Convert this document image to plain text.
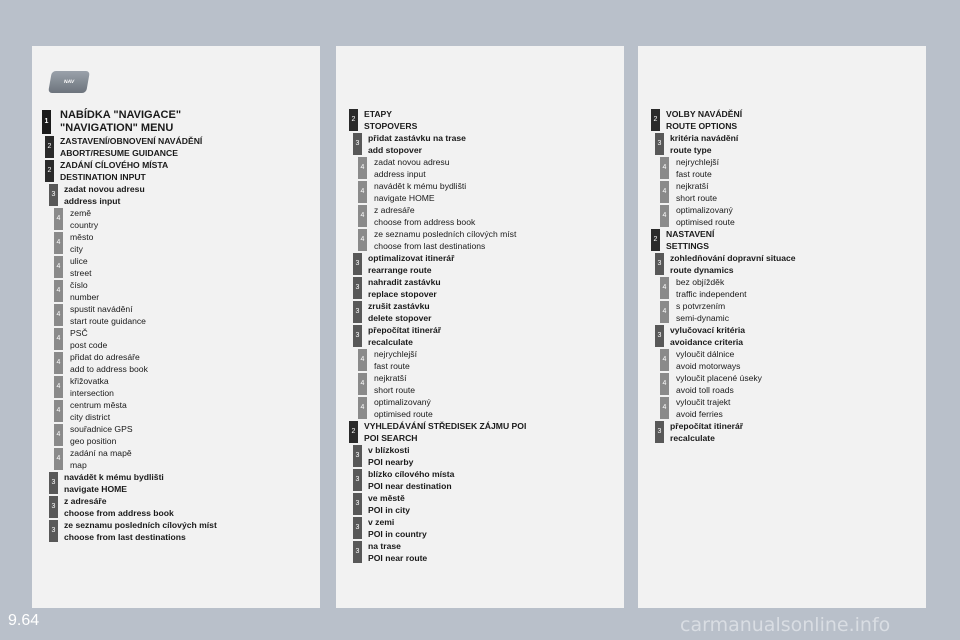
NAV
1
NABÍDKA "NAVIGACE"
"NAVIGATION" MENU
2
ZASTAVENÍ/OBNOVENÍ NAVÁDĚNÍ
ABORT/RESUME GUIDANCE
2
ZADÁNÍ CÍLOVÉHO MÍSTA
DESTINATION INPUT
3
zadat novou adresu
address input
4
země
country
4
město
city
4
ulice
street
4
číslo
number
4
spustit navádění
start route guidance
4
PSČ
post code
4
přidat do adresáře
add to address book
4
křižovatka
intersection
4
centrum města
city district
4
souřadnice GPS
geo position
4
zadání na mapě
map
3
navádět k mému bydlišti
navigate HOME
3
z adresáře
choose from address book
3
ze seznamu posledních cílových míst
choose from last destinations
2
ETAPY
STOPOVERS
3
přidat zastávku na trase
add stopover
4
zadat novou adresu
address input
4
navádět k mému bydlišti
navigate HOME
4
z adresáře
choose from address book
4
ze seznamu posledních cílových míst
choose from last destinations
3
optimalizovat itinerář
rearrange route
3
nahradit zastávku
replace stopover
3
zrušit zastávku
delete stopover
3
přepočítat itinerář
recalculate
4
nejrychlejší
fast route
4
nejkratší
short route
4
optimalizovaný
optimised route
2
VYHLEDÁVÁNÍ STŘEDISEK ZÁJMU POI
POI SEARCH
3
v blízkosti
POI nearby
3
blízko cílového místa
POI near destination
3
ve městě
POI in city
3
v zemi
POI in country
3
na trase
POI near route
2
VOLBY NAVÁDĚNÍ
ROUTE OPTIONS
3
kritéria navádění
route type
4
nejrychlejší
fast route
4
nejkratší
short route
4
optimalizovaný
optimised route
2
NASTAVENÍ
SETTINGS
3
zohledňování dopravní situace
route dynamics
4
bez objížděk
traffic independent
4
s potvrzením
semi-dynamic
3
vylučovací kritéria
avoidance criteria
4
vyloučit dálnice
avoid motorways
4
vyloučit placené úseky
avoid toll roads
4
vyloučit trajekt
avoid ferries
3
přepočítat itinerář
recalculate
9.64	carmanualsonline.info
